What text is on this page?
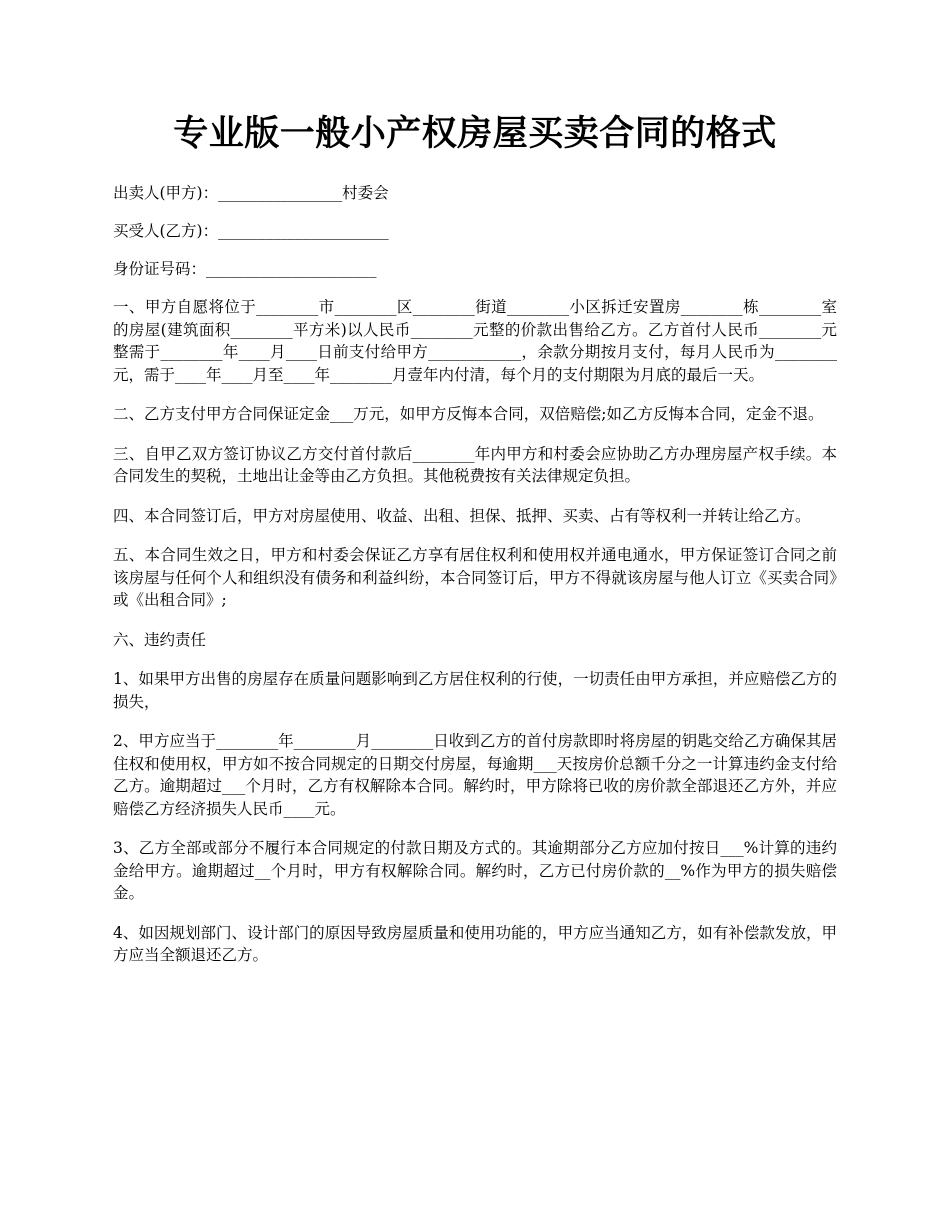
专业版一般小产权房屋买卖合同的格式
出卖人(甲方)：________________村委会
买受人(乙方)：______________________
身份证号码：______________________

一、甲方自愿将位于________市________区________街道________小区拆迁安置房________栋________室的房屋(建筑面积________平方米)以人民币________元整的价款出售给乙方。乙方首付人民币________元整需于________年____月____日前支付给甲方____________，余款分期按月支付，每月人民币为________元，需于____年____月至____年________月壹年内付清，每个月的支付期限为月底的最后一天。

二、乙方支付甲方合同保证定金___万元，如甲方反悔本合同，双倍赔偿;如乙方反悔本合同，定金不退。

三、自甲乙双方签订协议乙方交付首付款后________年内甲方和村委会应协助乙方办理房屋产权手续。本合同发生的契税，土地出让金等由乙方负担。其他税费按有关法律规定负担。

四、本合同签订后，甲方对房屋使用、收益、出租、担保、抵押、买卖、占有等权利一并转让给乙方。

五、本合同生效之日，甲方和村委会保证乙方享有居住权利和使用权并通电通水，甲方保证签订合同之前该房屋与任何个人和组织没有债务和利益纠纷，本合同签订后，甲方不得就该房屋与他人订立《买卖合同》或《出租合同》;

六、违约责任

1、如果甲方出售的房屋存在质量问题影响到乙方居住权利的行使，一切责任由甲方承担，并应赔偿乙方的损失，

2、甲方应当于________年________月________日收到乙方的首付房款即时将房屋的钥匙交给乙方确保其居住权和使用权，甲方如不按合同规定的日期交付房屋，每逾期___天按房价总额千分之一计算违约金支付给乙方。逾期超过___个月时，乙方有权解除本合同。解约时，甲方除将已收的房价款全部退还乙方外，并应赔偿乙方经济损失人民币____元。

3、乙方全部或部分不履行本合同规定的付款日期及方式的。其逾期部分乙方应加付按日___%计算的违约金给甲方。逾期超过__个月时，甲方有权解除合同。解约时，乙方已付房价款的__%作为甲方的损失赔偿金。

4、如因规划部门、设计部门的原因导致房屋质量和使用功能的，甲方应当通知乙方，如有补偿款发放，甲方应当全额退还乙方。
